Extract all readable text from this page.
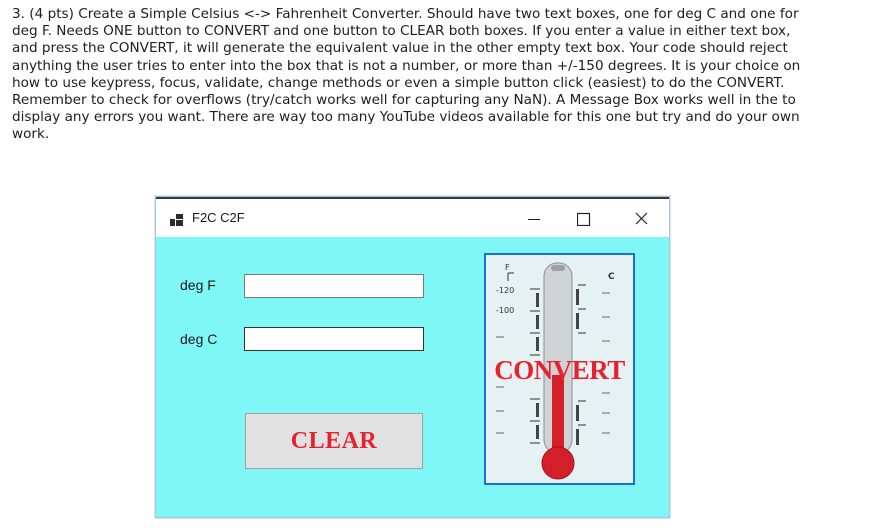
3. (4 pts) Create a Simple Celsius <-> Fahrenheit Converter. Should have two text boxes, one for deg C and one for

deg F. Needs ONE button to CONVERT and one button to CLEAR both boxes. If you enter a value in either text box,

and press the CONVERT, it will generate the equivalent value in the other empty text box. Your code should reject

anything the user tries to enter into the box that is not a number, or more than +/-150 degrees. It is your choice on

how to use keypress, focus, validate, change methods or even a simple button click (easiest) to do the CONVERT.

Remember to check for overflows (try/catch works well for capturing any NaN). A Message Box works well in the to

display any errors you want. There are way too many YouTube videos available for this one but try and do your own

work.

F2C C2F
deg F
deg C
CLEAR
F
-120
-100
C
CONVERT
